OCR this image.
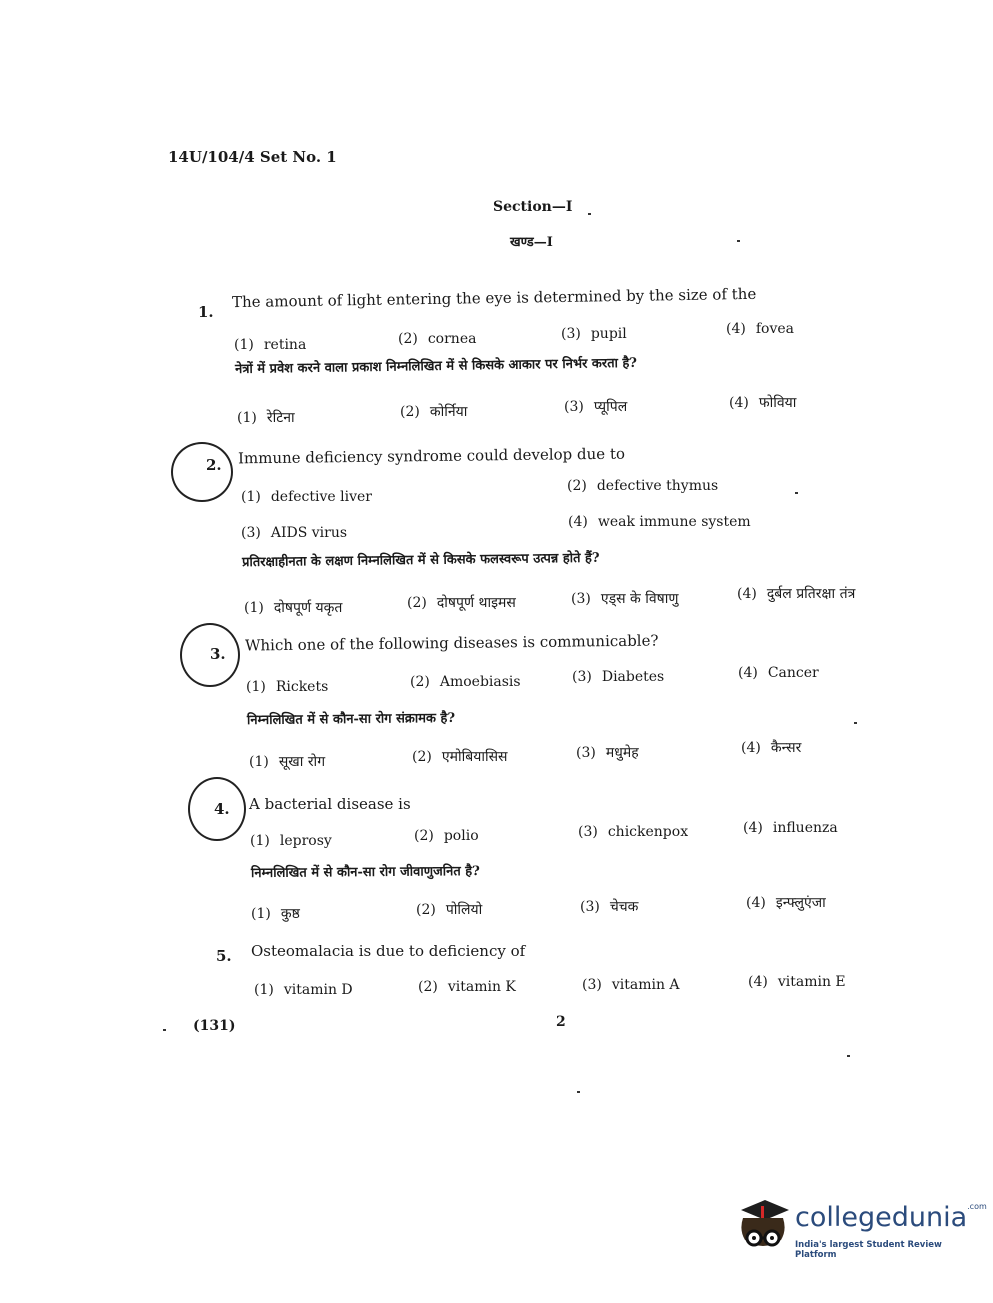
14U/104/4 Set No. 1
Section—I
खण्ड—I
1.
The amount of light entering the eye is determined by the size of the
(1) retina	(2) cornea	(3) pupil	(4) fovea
नेत्रों में प्रवेश करने वाला प्रकाश निम्नलिखित में से किसके आकार पर निर्भर करता है?
(1) रेटिना	(2) कोर्निया	(3) प्यूपिल	(4) फोविया
2. Immune deficiency syndrome could develop due to
(1) defective liver
(2) defective thymus
(3) AIDS virus
(4) weak immune system
प्रतिरक्षाहीनता के लक्षण निम्नलिखित में से किसके फलस्वरूप उत्पन्न होते हैं?
(1) दोषपूर्ण यकृत	(2) दोषपूर्ण थाइमस	(3) एड्स के विषाणु	(4) दुर्बल प्रतिरक्षा तंत्र
3. Which one of the following diseases is communicable?
(1) Rickets	(2) Amoebiasis	(3) Diabetes	(4) Cancer
निम्नलिखित में से कौन-सा रोग संक्रामक है?
(1) सूखा रोग	(2) एमोबियासिस	(3) मधुमेह	(4) कैन्सर
4. A bacterial disease is
(1) leprosy	(2) polio	(3) chickenpox	(4) influenza
निम्नलिखित में से कौन-सा रोग जीवाणुजनित है?
(1) कुष्ठ	(2) पोलियो	(3) चेचक	(4) इन्फ्लुएंजा
5. Osteomalacia is due to deficiency of
(1) vitamin D	(2) vitamin K	(3) vitamin A	(4) vitamin E
(131)	2
collegedunia$^{.com}$
India's largest Student Review Platform
